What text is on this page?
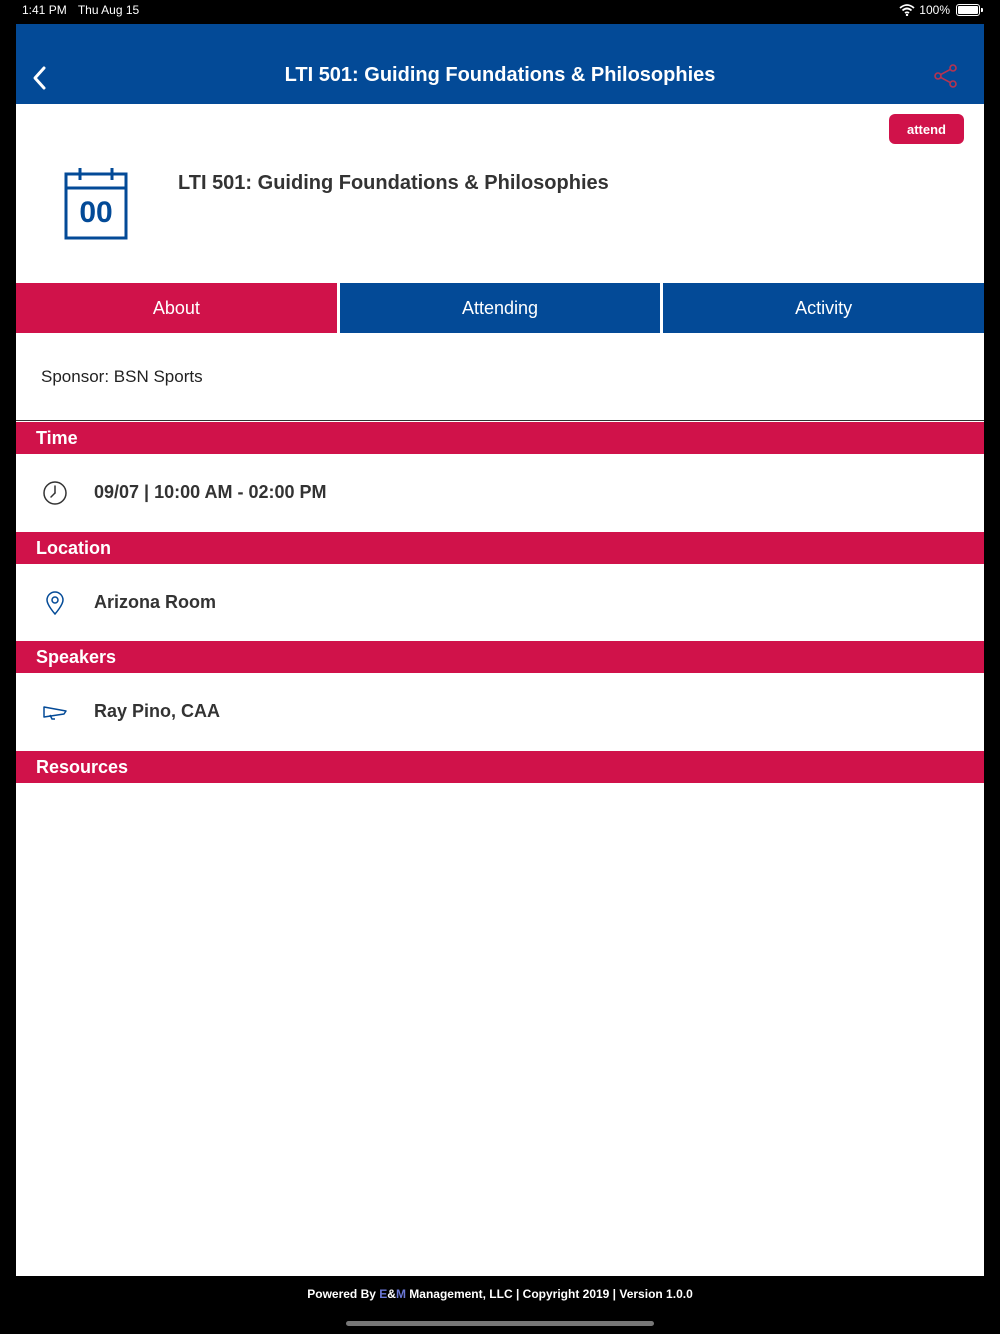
1:41 PM Thu Aug 15	100%
LTI 501: Guiding Foundations & Philosophies
attend
00
LTI 501: Guiding Foundations & Philosophies
About	Attending	Activity
Sponsor: BSN Sports
Time
09/07 | 10:00 AM - 02:00 PM
Location
Arizona Room
Speakers
Ray Pino, CAA
Resources
Powered By E&M Management, LLC | Copyright 2019 | Version 1.0.0
